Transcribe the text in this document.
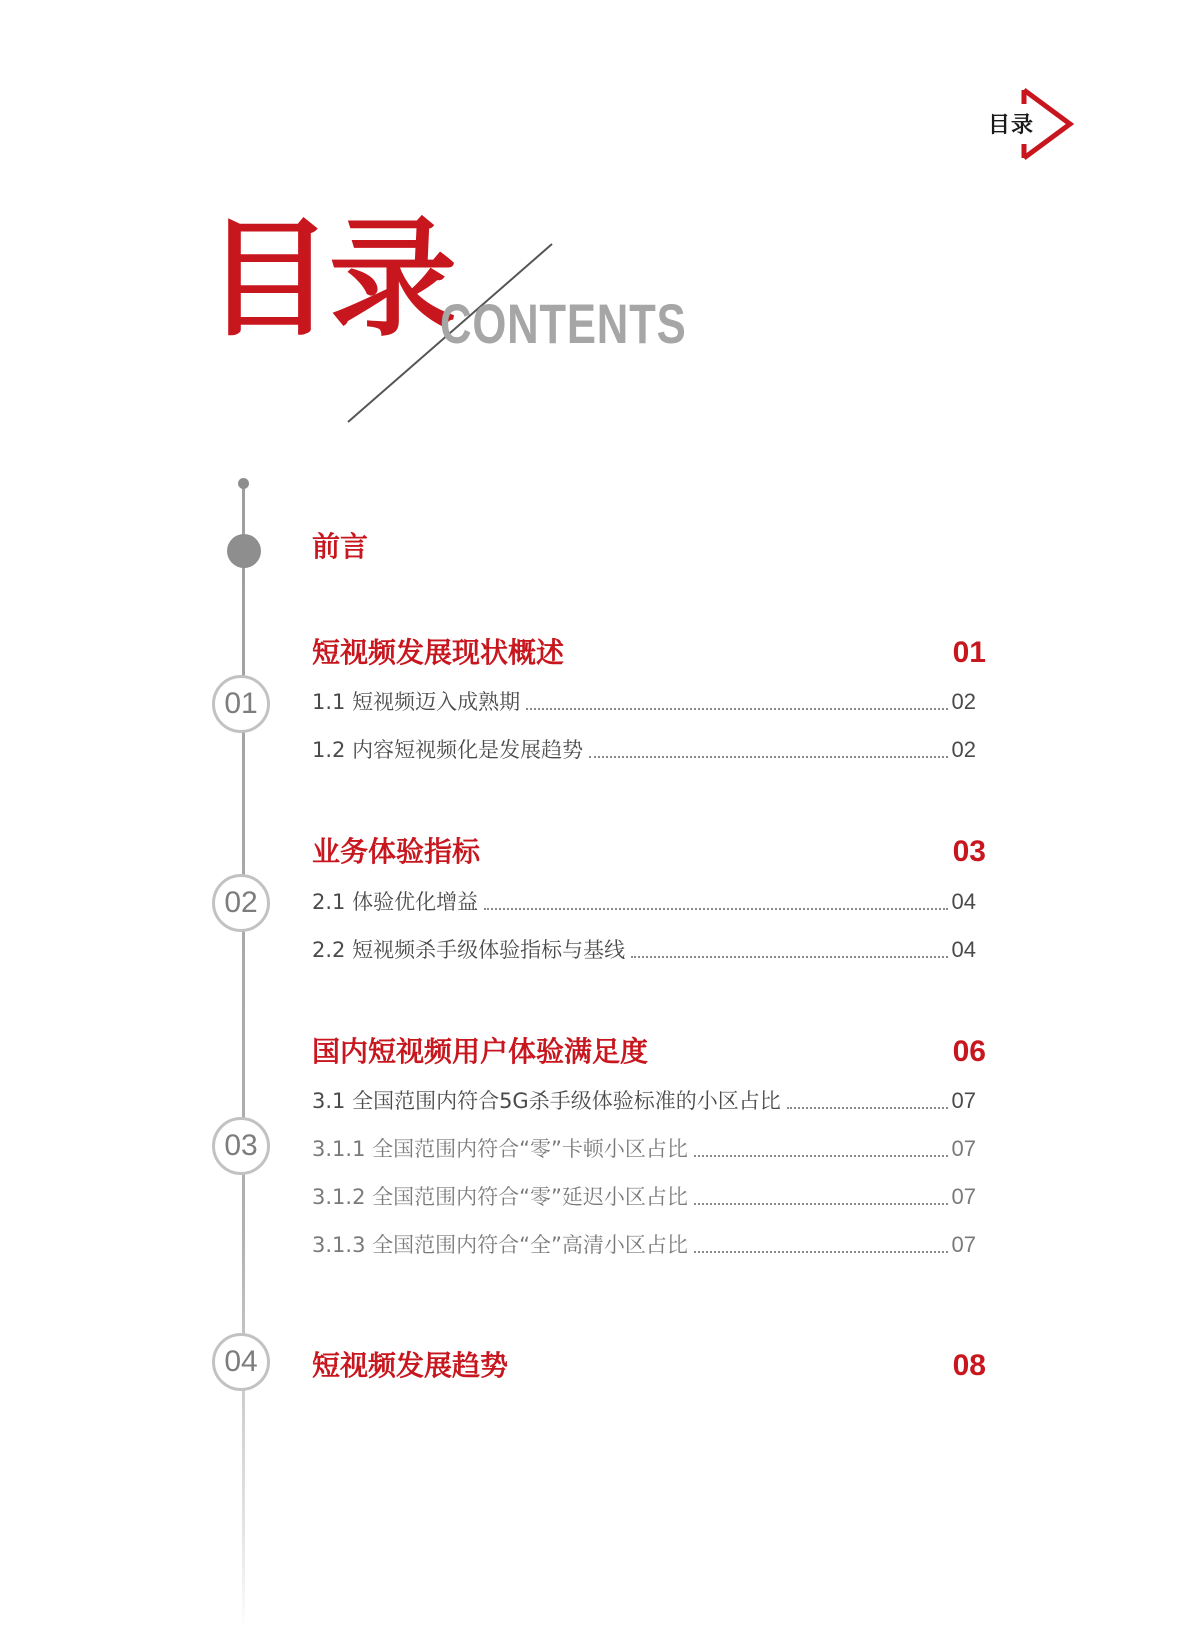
目录
目录
CONTENTS
01
02
03
04
前言
短视频发展现状概述	01
1.1 短视频迈入成熟期	02
1.2 内容短视频化是发展趋势	02
业务体验指标	03
2.1 体验优化增益	04
2.2 短视频杀手级体验指标与基线	04
国内短视频用户体验满足度	06
3.1 全国范围内符合5G杀手级体验标准的小区占比	07
3.1.1 全国范围内符合“零”卡顿小区占比	07
3.1.2 全国范围内符合“零”延迟小区占比	07
3.1.3 全国范围内符合“全”高清小区占比	07
短视频发展趋势	08
